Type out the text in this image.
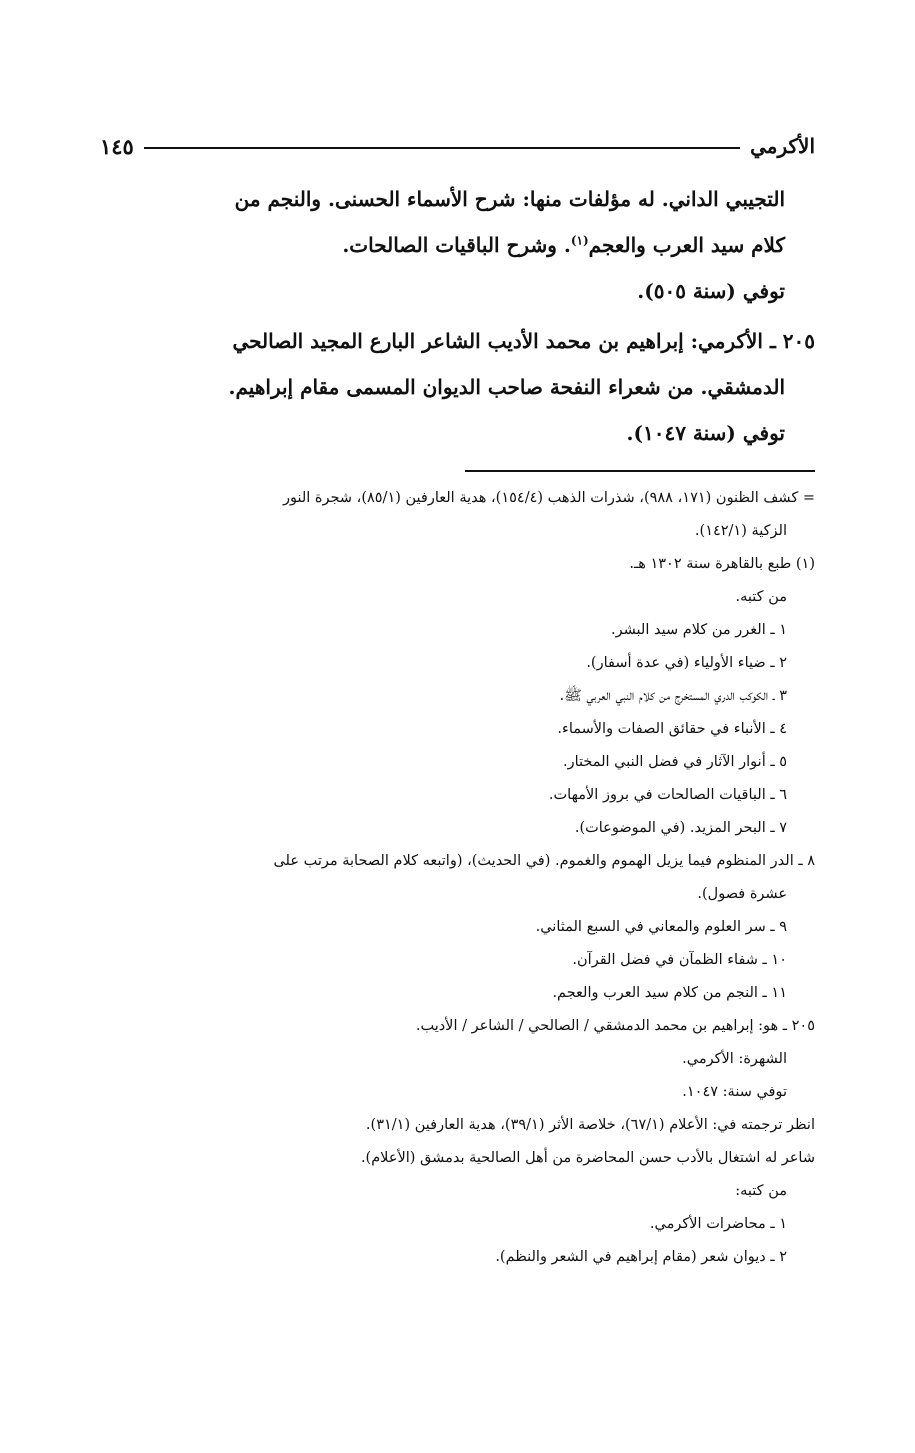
الأكرمي
١٤٥

التجيبي الداني. له مؤلفات منها: شرح الأسماء الحسنى. والنجم من

كلام سيد العرب والعجم$^{(١)}$. وشرح الباقيات الصالحات.

توفي (سنة ٥٠٥).

٢٠٥ ـ الأكرمي: إبراهيم بن محمد الأديب الشاعر البارع المجيد الصالحي

الدمشقي. من شعراء النفحة صاحب الديوان المسمى مقام إبراهيم.

توفي (سنة ١٠٤٧).

= كشف الظنون (١٧١، ٩٨٨)، شذرات الذهب (١٥٤/٤)، هدية العارفين (٨٥/١)، شجرة النور

الزكية (١٤٢/١).

(١) طبع بالقاهرة سنة ١٣٠٢ هـ.

من كتبه.

١ ـ الغرر من كلام سيد البشر.

٢ ـ ضياء الأولياء (في عدة أسفار).

٣ ـ الكوكب الدري المستخرج من كلام النبي العربي ﷺ.

٤ ـ الأنباء في حقائق الصفات والأسماء.

٥ ـ أنوار الآثار في فضل النبي المختار.

٦ ـ الباقيات الصالحات في بروز الأمهات.

٧ ـ البحر المزيد. (في الموضوعات).

٨ ـ الدر المنظوم فيما يزيل الهموم والغموم. (في الحديث)، (واتبعه كلام الصحابة مرتب على

عشرة فصول).

٩ ـ سر العلوم والمعاني في السبع المثاني.

١٠ ـ شفاء الظمآن في فضل القرآن.

١١ ـ النجم من كلام سيد العرب والعجم.

٢٠٥ ـ هو: إبراهيم بن محمد الدمشقي / الصالحي / الشاعر / الأديب.

الشهرة: الأكرمي.

توفي سنة: ١٠٤٧.

انظر ترجمته في: الأعلام (٦٧/١)، خلاصة الأثر (٣٩/١)، هدية العارفين (٣١/١).

شاعر له اشتغال بالأدب حسن المحاضرة من أهل الصالحية بدمشق (الأعلام).

من كتبه:

١ ـ محاضرات الأكرمي.

٢ ـ ديوان شعر (مقام إبراهيم في الشعر والنظم).
